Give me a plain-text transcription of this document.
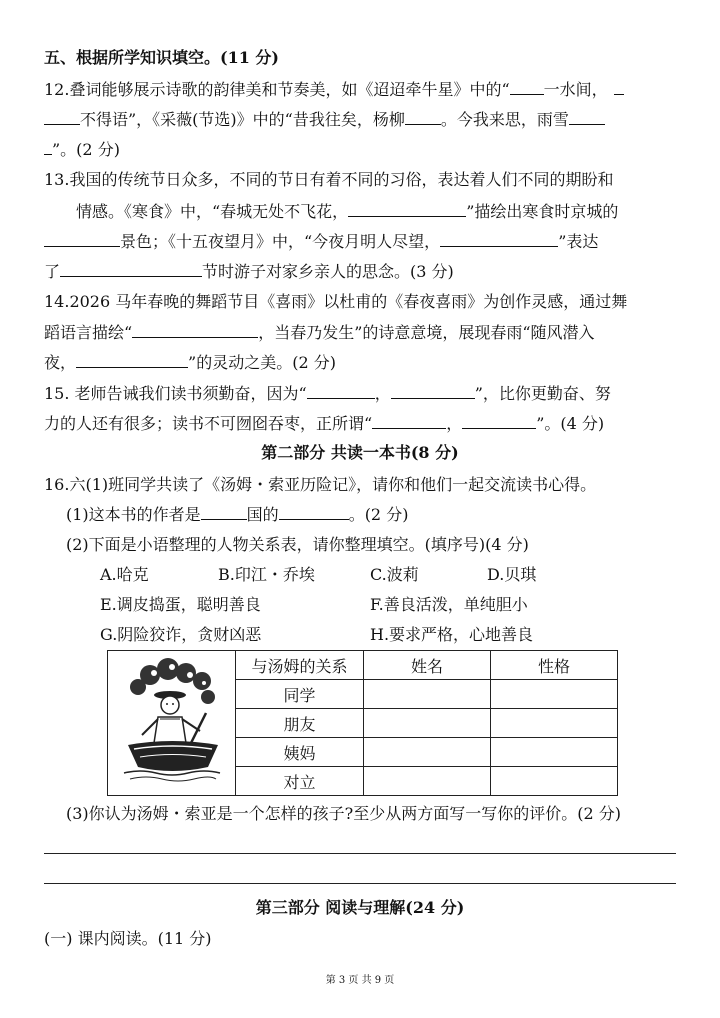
五、根据所学知识填空。(11 分)
12.叠词能够展示诗歌的韵律美和节奏美，如《迢迢牵牛星》中的“ 一水间，
不得语”，《采薇(节选)》中的“昔我往矣，杨柳 。今我来思，雨雪
”。(2 分)
13.我国的传统节日众多，不同的节日有着不同的习俗，表达着人们不同的期盼和
情感。《寒食》中，“春城无处不飞花，	”描绘出寒食时京城的
景色；《十五夜望月》中，“今夜月明人尽望，	”表达
了	节时游子对家乡亲人的思念。(3 分)
14.2026 马年春晚的舞蹈节目《喜雨》以杜甫的《春夜喜雨》为创作灵感，通过舞
蹈语言描绘“	，当春乃发生”的诗意意境，展现春雨“随风潜入
夜，	”的灵动之美。(2 分)
15. 老师告诫我们读书须勤奋，因为“	，	”，比你更勤奋、努
力的人还有很多；读书不可囫囵吞枣，正所谓“	，	”。(4 分)
第二部分 共读一本书(8 分)
16.六(1)班同学共读了《汤姆・索亚历险记》，请你和他们一起交流读书心得。
(1)这本书的作者是	国的	。(2 分)
(2)下面是小语整理的人物关系表，请你整理填空。(填序号)(4 分)
A.哈克	B.印江・乔埃	C.波莉	D.贝琪
E.调皮捣蛋，聪明善良	F.善良活泼，单纯胆小
G.阴险狡诈，贪财凶恶	H.要求严格，心地善良
	与汤姆的关系	姓名	性格
	同学		
	朋友		
	姨妈		
	对立		
(3)你认为汤姆・索亚是一个怎样的孩子?至少从两方面写一写你的评价。(2 分)
第三部分 阅读与理解(24 分)
(一) 课内阅读。(11 分)
第 3 页 共 9 页
